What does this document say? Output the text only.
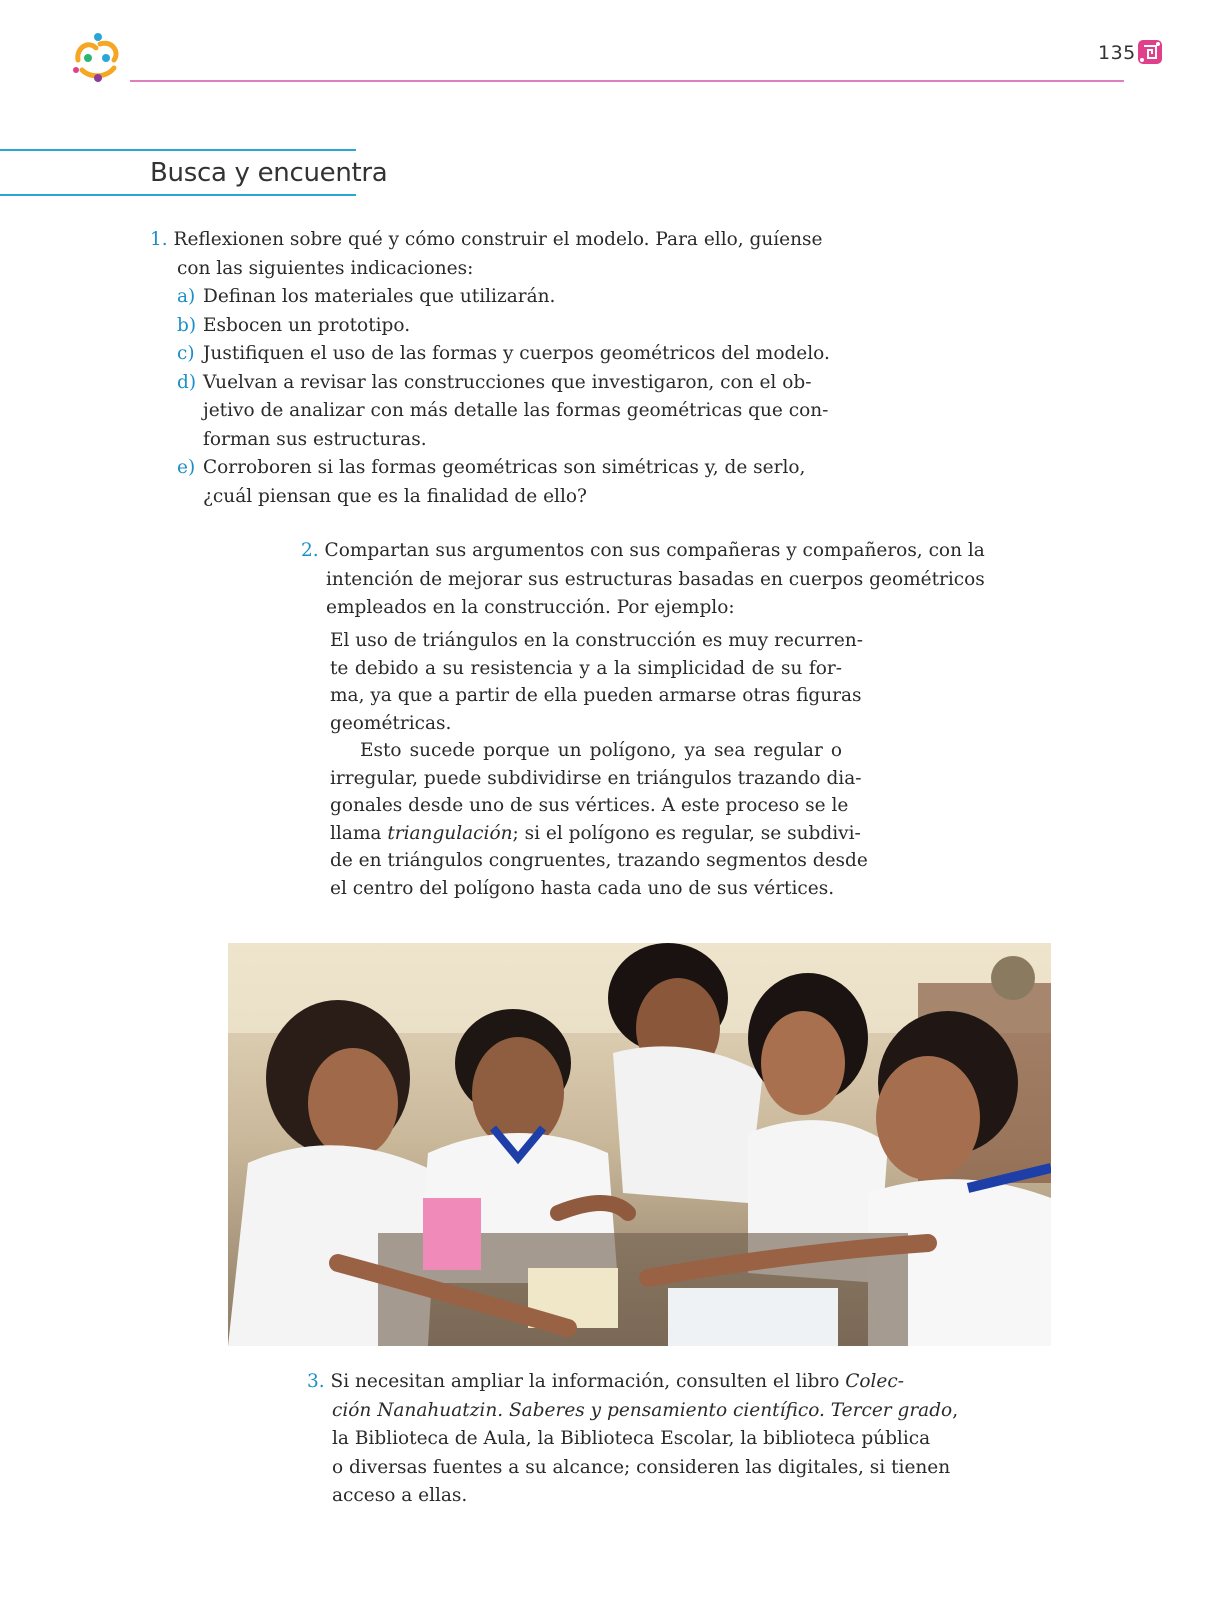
135
Busca y encuentra
1. Reflexionen sobre qué y cómo construir el modelo. Para ello, guíense
con las siguientes indicaciones:
a) Definan los materiales que utilizarán.
b) Esbocen un prototipo.
c) Justifiquen el uso de las formas y cuerpos geométricos del modelo.
d) Vuelvan a revisar las construcciones que investigaron, con el ob-
jetivo de analizar con más detalle las formas geométricas que con-
forman sus estructuras.
e) Corroboren si las formas geométricas son simétricas y, de serlo,
¿cuál piensan que es la finalidad de ello?
2. Compartan sus argumentos con sus compañeras y compañeros, con la
intención de mejorar sus estructuras basadas en cuerpos geométricos
empleados en la construcción. Por ejemplo:
El uso de triángulos en la construcción es muy recurren-
te debido a su resistencia y a la simplicidad de su for-
ma, ya que a partir de ella pueden armarse otras figuras
geométricas.
Esto sucede porque un polígono, ya sea regular o
irregular, puede subdividirse en triángulos trazando dia-
gonales desde uno de sus vértices. A este proceso se le
llama triangulación; si el polígono es regular, se subdivi-
de en triángulos congruentes, trazando segmentos desde
el centro del polígono hasta cada uno de sus vértices.
3. Si necesitan ampliar la información, consulten el libro Colec-
ción Nanahuatzin. Saberes y pensamiento científico. Tercer grado,
la Biblioteca de Aula, la Biblioteca Escolar, la biblioteca pública
o diversas fuentes a su alcance; consideren las digitales, si tienen
acceso a ellas.
